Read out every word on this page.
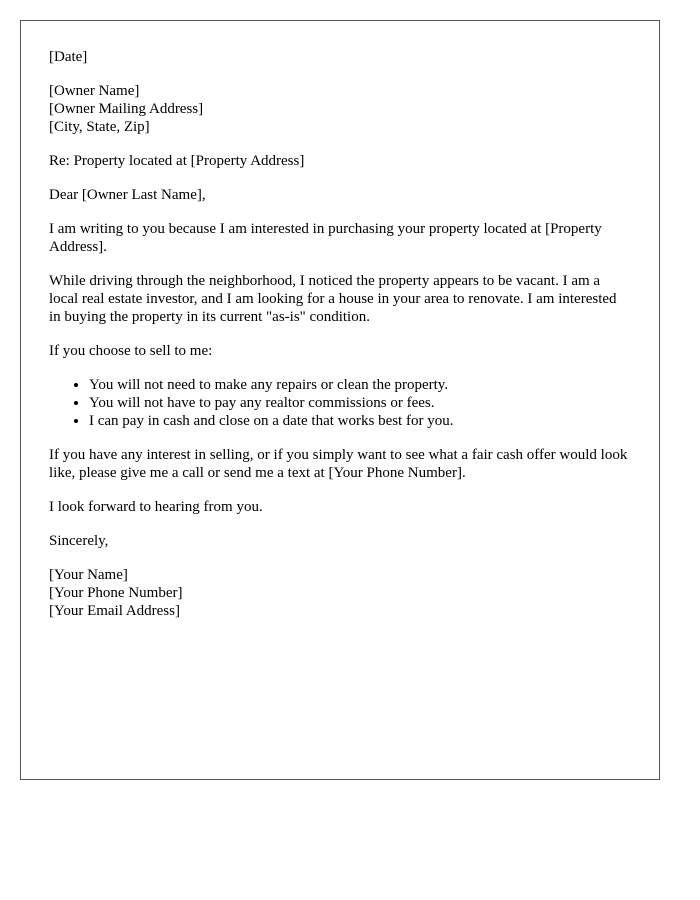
[Date]

[Owner Name]
[Owner Mailing Address]
[City, State, Zip]

Re: Property located at [Property Address]

Dear [Owner Last Name],

I am writing to you because I am interested in purchasing your property located at [Property Address].

While driving through the neighborhood, I noticed the property appears to be vacant. I am a local real estate investor, and I am looking for a house in your area to renovate. I am interested in buying the property in its current "as-is" condition.

If you choose to sell to me:

• You will not need to make any repairs or clean the property.
• You will not have to pay any realtor commissions or fees.
• I can pay in cash and close on a date that works best for you.

If you have any interest in selling, or if you simply want to see what a fair cash offer would look like, please give me a call or send me a text at [Your Phone Number].

I look forward to hearing from you.

Sincerely,

[Your Name]
[Your Phone Number]
[Your Email Address]
